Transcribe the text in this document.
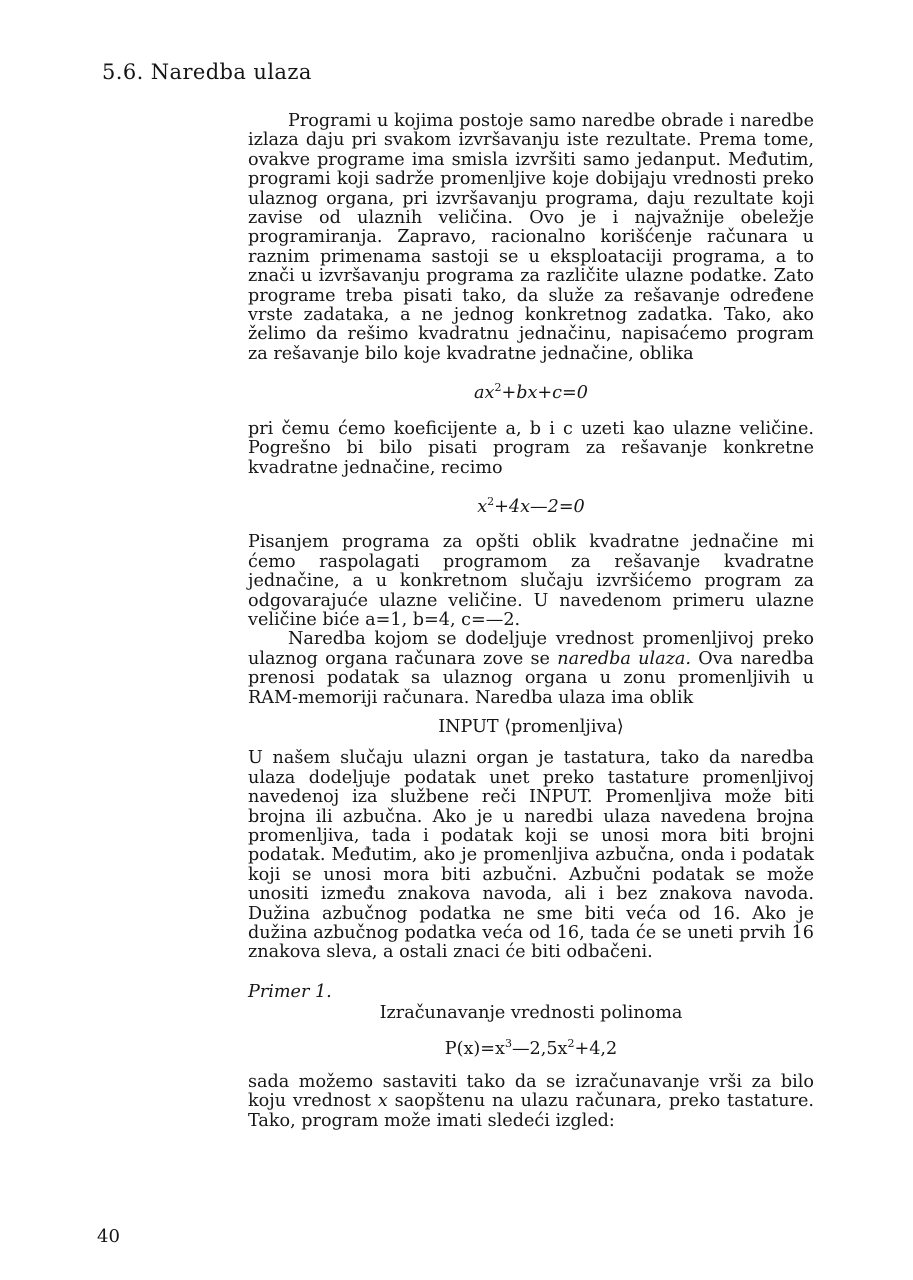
5.6. Naredba ulaza

Programi u kojima postoje samo naredbe obrade i naredbe izlaza daju pri svakom izvršavanju iste rezultate. Prema tome, ovakve programe ima smisla izvršiti samo jedanput. Međutim, programi koji sadrže promenljive koje dobijaju vrednosti preko ulaznog organa, pri izvršavanju programa, daju rezultate koji zavise od ulaznih veličina. Ovo je i najvažnije obeležje programiranja. Zapravo, racionalno korišćenje računara u raznim primenama sastoji se u eksploataciji programa, a to znači u izvršavanju programa za različite ulazne podatke. Zato programe treba pisati tako, da služe za rešavanje određene vrste zadataka, a ne jednog konkretnog zadatka. Tako, ako želimo da rešimo kvadratnu jednačinu, napisaćemo program za rešavanje bilo koje kvadratne jednačine, oblika

$ax^2+bx+c=0$

pri čemu ćemo koeficijente a, b i c uzeti kao ulazne veličine. Pogrešno bi bilo pisati program za rešavanje konkretne kvadratne jednačine, recimo

$x^2+4x—2=0$

Pisanjem programa za opšti oblik kvadratne jednačine mi ćemo raspolagati programom za rešavanje kvadratne jednačine, a u konkretnom slučaju izvršićemo program za odgovarajuće ulazne veličine. U navedenom primeru ulazne veličine biće a=1, b=4, c=—2.

Naredba kojom se dodeljuje vrednost promenljivoj preko ulaznog organa računara zove se naredba ulaza. Ova naredba prenosi podatak sa ulaznog organa u zonu promenljivih u RAM-memoriji računara. Naredba ulaza ima oblik

INPUT ⟨promenljiva⟩

U našem slučaju ulazni organ je tastatura, tako da naredba ulaza dodeljuje podatak unet preko tastature promenljivoj navedenoj iza službene reči INPUT. Promenljiva može biti brojna ili azbučna. Ako je u naredbi ulaza navedena brojna promenljiva, tada i podatak koji se unosi mora biti brojni podatak. Međutim, ako je promenljiva azbučna, onda i podatak koji se unosi mora biti azbučni. Azbučni podatak se može unositi između znakova navoda, ali i bez znakova navoda. Dužina azbučnog podatka ne sme biti veća od 16. Ako je dužina azbučnog podatka veća od 16, tada će se uneti prvih 16 znakova sleva, a ostali znaci će biti odbačeni.

Primer 1.

Izračunavanje vrednosti polinoma

$P(x)=x^3—2,5x^2+4,2$

sada možemo sastaviti tako da se izračunavanje vrši za bilo koju vrednost x saopštenu na ulazu računara, preko tastature. Tako, program može imati sledeći izgled:

40
